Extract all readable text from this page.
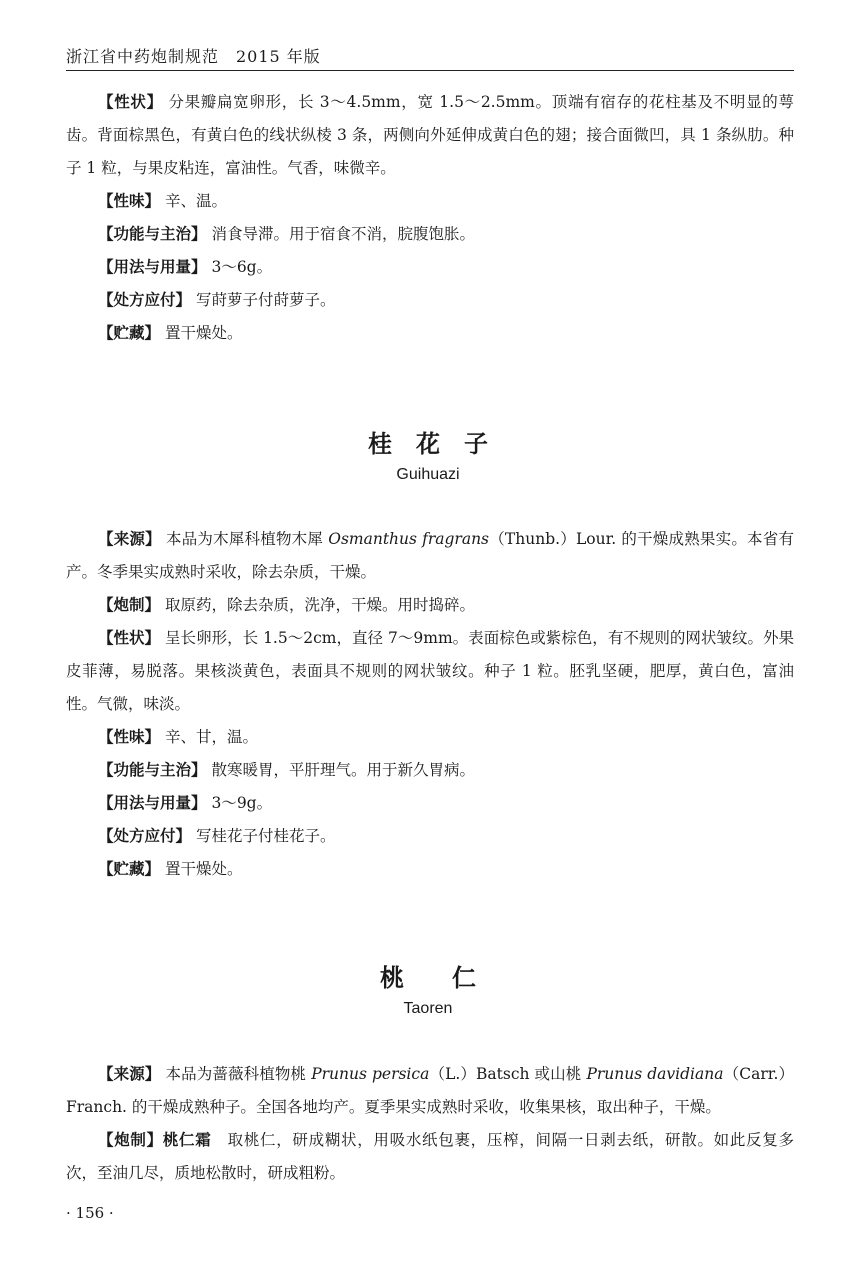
浙江省中药炮制规范　2015 年版

【性状】 分果瓣扁宽卵形，长 3～4.5mm，宽 1.5～2.5mm。顶端有宿存的花柱基及不明显的萼齿。背面棕黑色，有黄白色的线状纵棱 3 条，两侧向外延伸成黄白色的翅；接合面微凹，具 1 条纵肋。种子 1 粒，与果皮粘连，富油性。气香，味微辛。

【性味】 辛、温。

【功能与主治】 消食导滞。用于宿食不消，脘腹饱胀。

【用法与用量】 3～6g。

【处方应付】 写莳萝子付莳萝子。

【贮藏】 置干燥处。

桂　花　子
Guihuazi

【来源】 本品为木犀科植物木犀 Osmanthus fragrans（Thunb.）Lour. 的干燥成熟果实。本省有产。冬季果实成熟时采收，除去杂质，干燥。

【炮制】 取原药，除去杂质，洗净，干燥。用时捣碎。

【性状】 呈长卵形，长 1.5～2cm，直径 7～9mm。表面棕色或紫棕色，有不规则的网状皱纹。外果皮菲薄，易脱落。果核淡黄色，表面具不规则的网状皱纹。种子 1 粒。胚乳坚硬，肥厚，黄白色，富油性。气微，味淡。

【性味】 辛、甘，温。

【功能与主治】 散寒暖胃，平肝理气。用于新久胃病。

【用法与用量】 3～9g。

【处方应付】 写桂花子付桂花子。

【贮藏】 置干燥处。

桃　　仁
Taoren

【来源】 本品为蔷薇科植物桃 Prunus persica（L.）Batsch 或山桃 Prunus davidiana（Carr.）Franch. 的干燥成熟种子。全国各地均产。夏季果实成熟时采收，收集果核，取出种子，干燥。

【炮制】桃仁霜　 取桃仁，研成糊状，用吸水纸包裹，压榨，间隔一日剥去纸，研散。如此反复多次，至油几尽，质地松散时，研成粗粉。

· 156 ·
